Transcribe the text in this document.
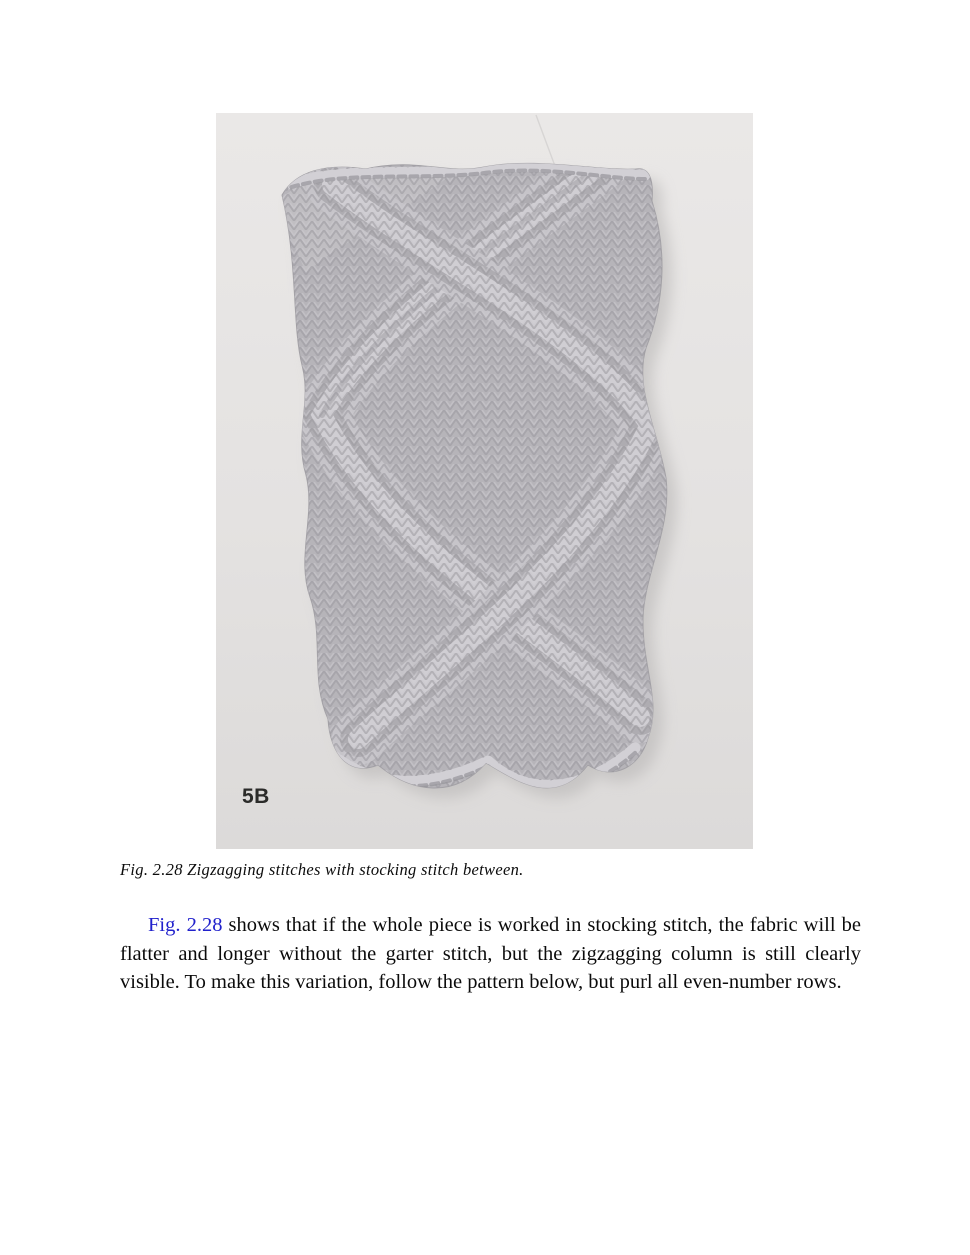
5B
Fig. 2.28 Zigzagging stitches with stocking stitch between.

Fig. 2.28 shows that if the whole piece is worked in stocking stitch, the fabric will be flatter and longer without the garter stitch, but the zigzagging column is still clearly visible. To make this variation, follow the pattern below, but purl all even-number rows.
